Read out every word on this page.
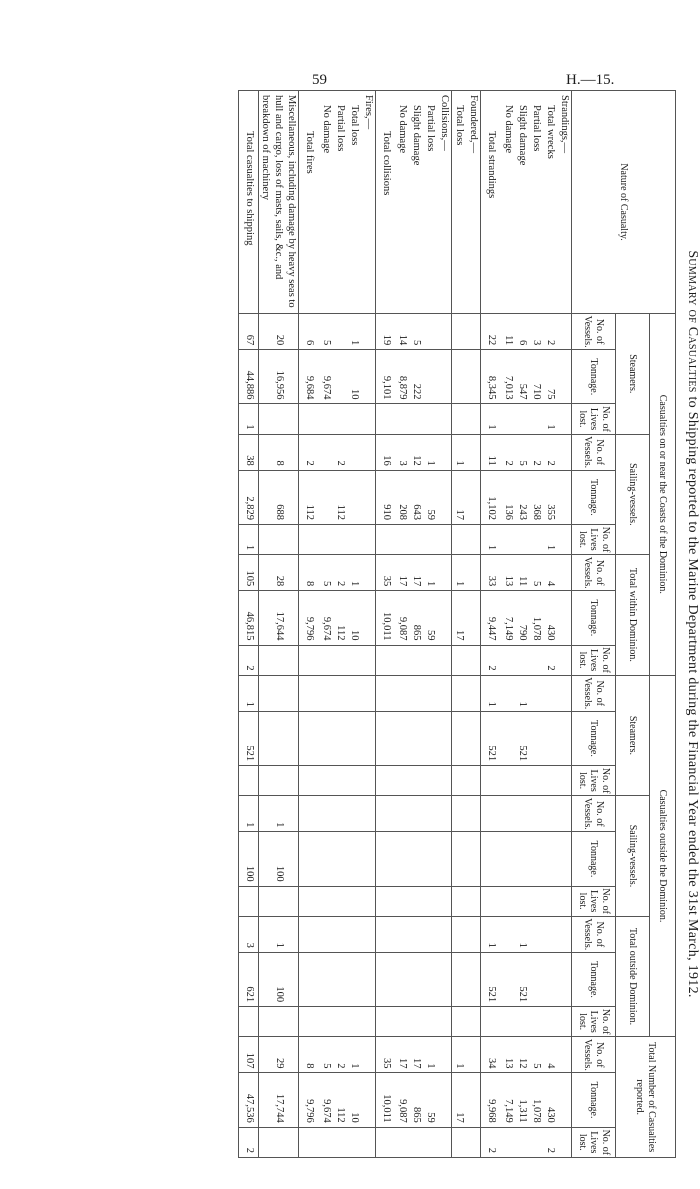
59	H.—15.
Summary of Casualties to Shipping reported to the Marine Department during the Financial Year ended the 31st March, 1912.
Nature of Casualty.	Casualties on or near the Coasts of the Dominion.									Casualties outside the Dominion.									Total Number of Casualties reported.		
	Steamers.			Sailing-vessels.			Total within Dominion.			Steamers.			Sailing-vessels.			Total outside Dominion.					
	No. of Vessels.	Tonnage.	No. of Lives lost.	No. of Vessels.	Tonnage.	No. of Lives lost.	No. of Vessels.	Tonnage.	No. of Lives lost.	No. of Vessels.	Tonnage.	No. of Lives lost.	No. of Vessels.	Tonnage.	No. of Lives lost.	No. of Vessels.	Tonnage.	No. of Lives lost.	No. of Vessels.	Tonnage.	No. of Lives lost.
Strandings,—																					
Total wrecks	2	75	1	2	355	1	4	430	2										4	430	2
Partial loss	3	710		2	368		5	1,078											5	1,078	
Slight damage	6	547		5	243		11	790		1	521					1	521		12	1,311	
No damage	11	7,013		2	136		13	7,149											13	7,149	
Total strandings	22	8,345	1	11	1,102	1	33	9,447	2	1	521					1	521		34	9,968	2
Foundered,—																					
Total loss				1	17		1	17											1	17	
Collisions,—																					
Partial loss				1	59		1	59											1	59	
Slight damage	5	222		12	643		17	865											17	865	
No damage	14	8,879		3	208		17	9,087											17	9,087	
Total collisions	19	9,101		16	910		35	10,011											35	10,011	
Fires,—																					
Total loss	1	10					1	10											1	10	
Partial loss				2	112		2	112											2	112	
No damage	5	9,674					5	9,674											5	9,674	
Total fires	6	9,684		2	112		8	9,796											8	9,796	
Miscellaneous, including damage by heavy seas to hull and cargo, loss of masts, sails, &c., and breakdown of machinery	20	16,956		8	688		28	17,644					1	100		1	100		29	17,744	
Total casualties to shipping	67	44,886	1	38	2,829	1	105	46,815	2	1	521		1	100		3	621		107	47,536	2
